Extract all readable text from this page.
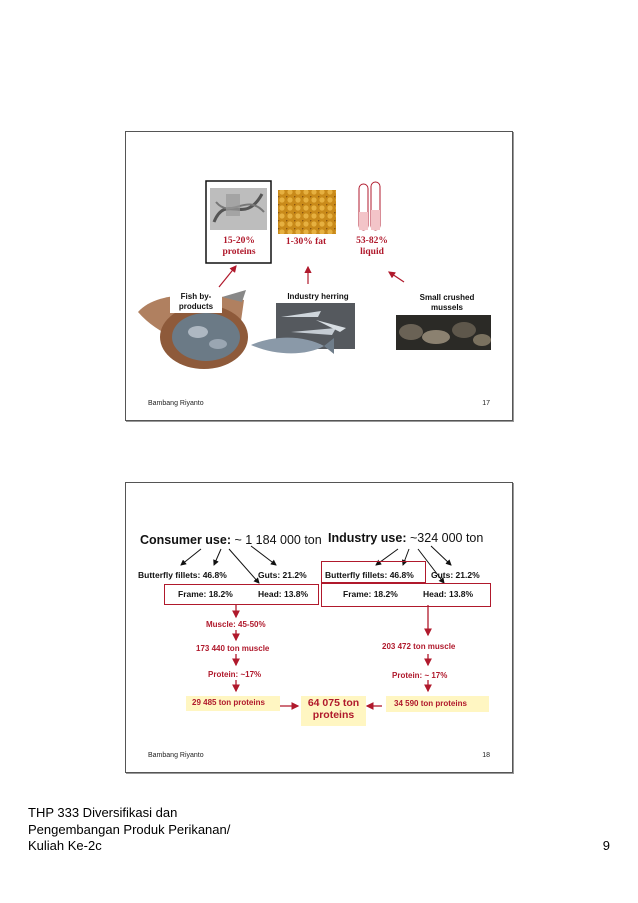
15-20%
proteins
1-30% fat	53-82%
liquid
Fish by-
products
Industry herring	Small crushed
mussels
Bambang Riyanto	17
Consumer use: ~ 1 184 000 ton Industry use: ~324 000 ton
Butterfly fillets: 46.8%	Guts: 21.2% Butterfly fillets: 46.8% Guts: 21.2%
Frame: 18.2%	Head: 13.8%	Frame: 18.2%	Head: 13.8%
Muscle: 45-50%
173 440 ton muscle	203 472 ton muscle
Protein: ~17%	Protein: ~ 17%
29 485 ton proteins	64 075 ton
proteins
34 590 ton proteins
Bambang Riyanto	18
THP 333 Diversifikasi dan
Pengembangan Produk Perikanan/
Kuliah Ke-2c	9
